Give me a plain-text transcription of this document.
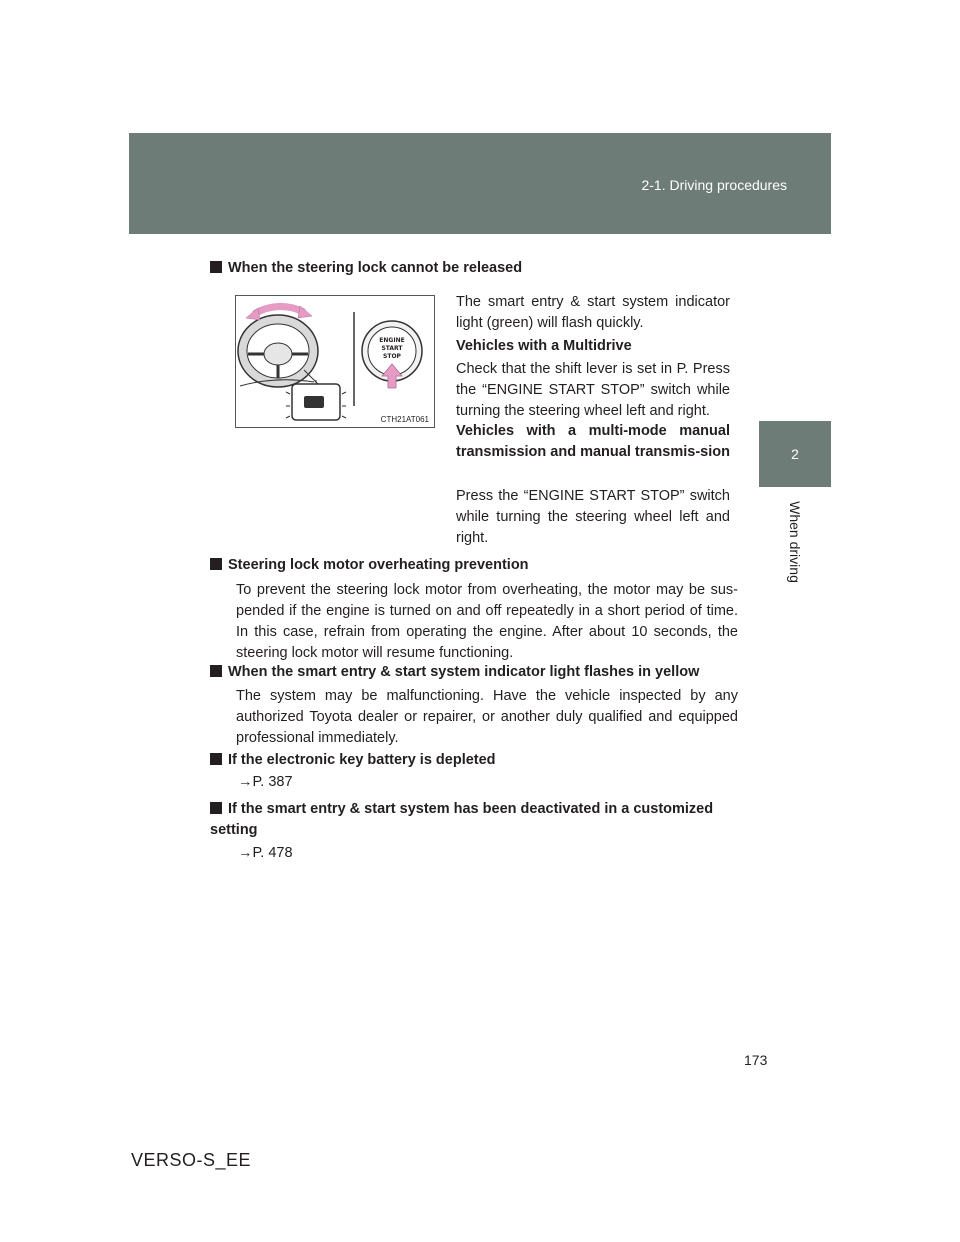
2-1. Driving procedures
2
When driving
When the steering lock cannot be released
ENGINE
START
STOP
CTH21AT061
The smart entry & start system indicator light (green) will flash quickly.
Vehicles with a Multidrive
Check that the shift lever is set in P. Press the “ENGINE START STOP” switch while turning the steering wheel left and right.
Vehicles with a multi-mode manual transmission and manual transmis-sion
Press the “ENGINE START STOP” switch while turning the steering wheel left and right.
Steering lock motor overheating prevention
To prevent the steering lock motor from overheating, the motor may be sus-pended if the engine is turned on and off repeatedly in a short period of time. In this case, refrain from operating the engine. After about 10 seconds, the steering lock motor will resume functioning.
When the smart entry & start system indicator light flashes in yellow
The system may be malfunctioning. Have the vehicle inspected by any authorized Toyota dealer or repairer, or another duly qualified and equipped professional immediately.
If the electronic key battery is depleted
→P. 387
If the smart entry & start system has been deactivated in a customized setting
→P. 478
173
VERSO-S_EE
